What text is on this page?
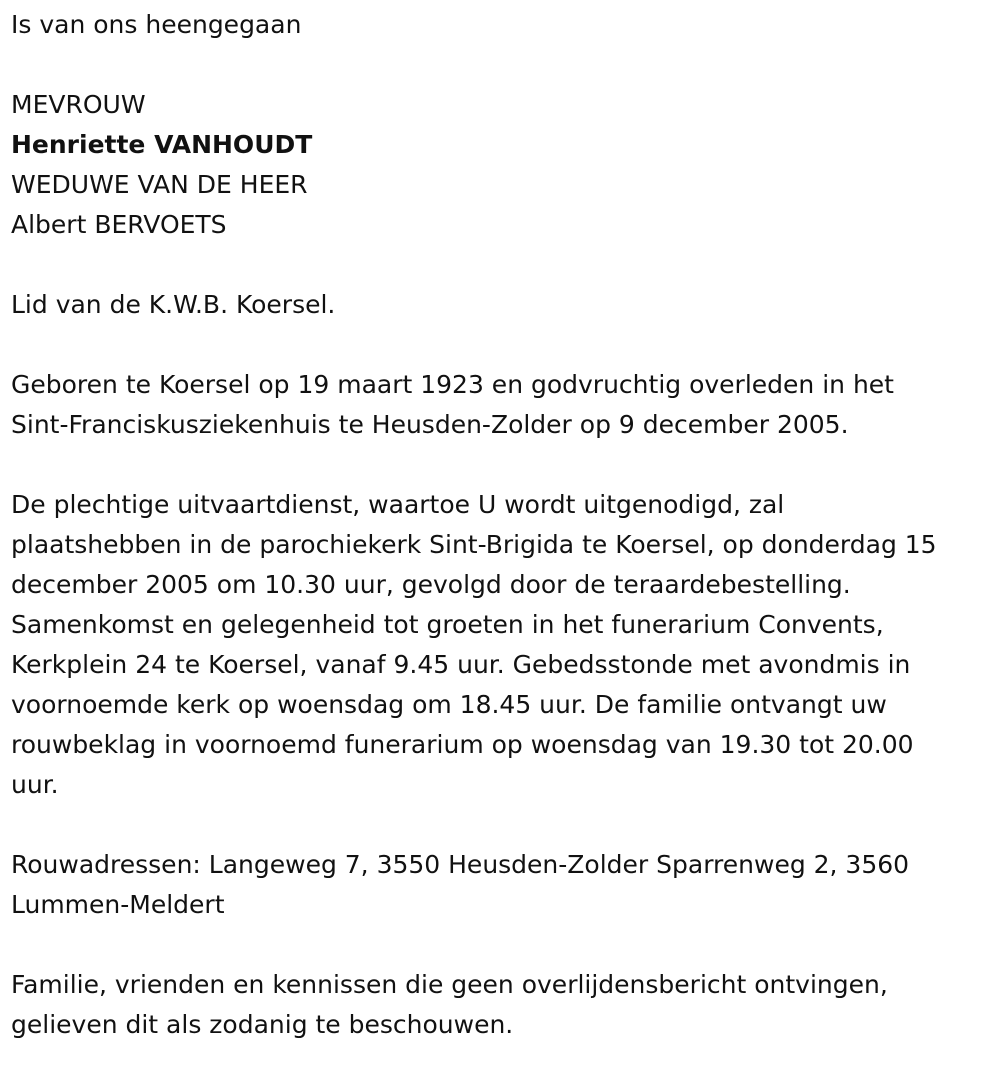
Is van ons heengegaan
MEVROUW
Henriette VANHOUDT
WEDUWE VAN DE HEER
Albert BERVOETS
Lid van de K.W.B. Koersel.
Geboren te Koersel op 19 maart 1923 en godvruchtig overleden in het
Sint-Franciskusziekenhuis te Heusden-Zolder op 9 december 2005.
De plechtige uitvaartdienst, waartoe U wordt uitgenodigd, zal
plaatshebben in de parochiekerk Sint-Brigida te Koersel, op donderdag 15
december 2005 om 10.30 uur, gevolgd door de teraardebestelling.
Samenkomst en gelegenheid tot groeten in het funerarium Convents,
Kerkplein 24 te Koersel, vanaf 9.45 uur. Gebedsstonde met avondmis in
voornoemde kerk op woensdag om 18.45 uur. De familie ontvangt uw
rouwbeklag in voornoemd funerarium op woensdag van 19.30 tot 20.00
uur.
Rouwadressen: Langeweg 7, 3550 Heusden-Zolder Sparrenweg 2, 3560
Lummen-Meldert
Familie, vrienden en kennissen die geen overlijdensbericht ontvingen,
gelieven dit als zodanig te beschouwen.
